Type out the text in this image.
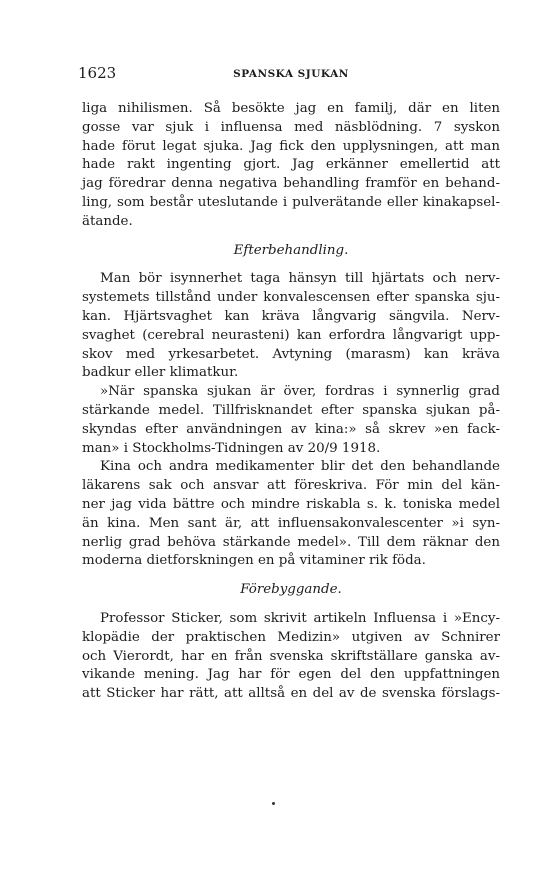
1623	SPANSKA SJUKAN
liga nihilismen. Så besökte jag en familj, där en liten
gosse var sjuk i influensa med näsblödning. 7 syskon
hade förut legat sjuka. Jag fick den upplysningen, att man
hade rakt ingenting gjort. Jag erkänner emellertid att
jag föredrar denna negativa behandling framför en behand-
ling, som består uteslutande i pulverätande eller kinakapsel-
ätande.
Efterbehandling.
Man bör isynnerhet taga hänsyn till hjärtats och nerv-
systemets tillstånd under konvalescensen efter spanska sju-
kan. Hjärtsvaghet kan kräva långvarig sängvila. Nerv-
svaghet (cerebral neurasteni) kan erfordra långvarigt upp-
skov med yrkesarbetet. Avtyning (marasm) kan kräva
badkur eller klimatkur.
»När spanska sjukan är över, fordras i synnerlig grad
stärkande medel. Tillfrisknandet efter spanska sjukan på-
skyndas efter användningen av kina:» så skrev »en fack-
man» i Stockholms-Tidningen av 20/9 1918.
Kina och andra medikamenter blir det den behandlande
läkarens sak och ansvar att föreskriva. För min del kän-
ner jag vida bättre och mindre riskabla s. k. toniska medel
än kina. Men sant är, att influensakonvalescenter »i syn-
nerlig grad behöva stärkande medel». Till dem räknar den
moderna dietforskningen en på vitaminer rik föda.
Förebyggande.
Professor Sticker, som skrivit artikeln Influensa i »Ency-
klopädie der praktischen Medizin» utgiven av Schnirer
och Vierordt, har en från svenska skriftställare ganska av-
vikande mening. Jag har för egen del den uppfattningen
att Sticker har rätt, att alltså en del av de svenska förslags-
